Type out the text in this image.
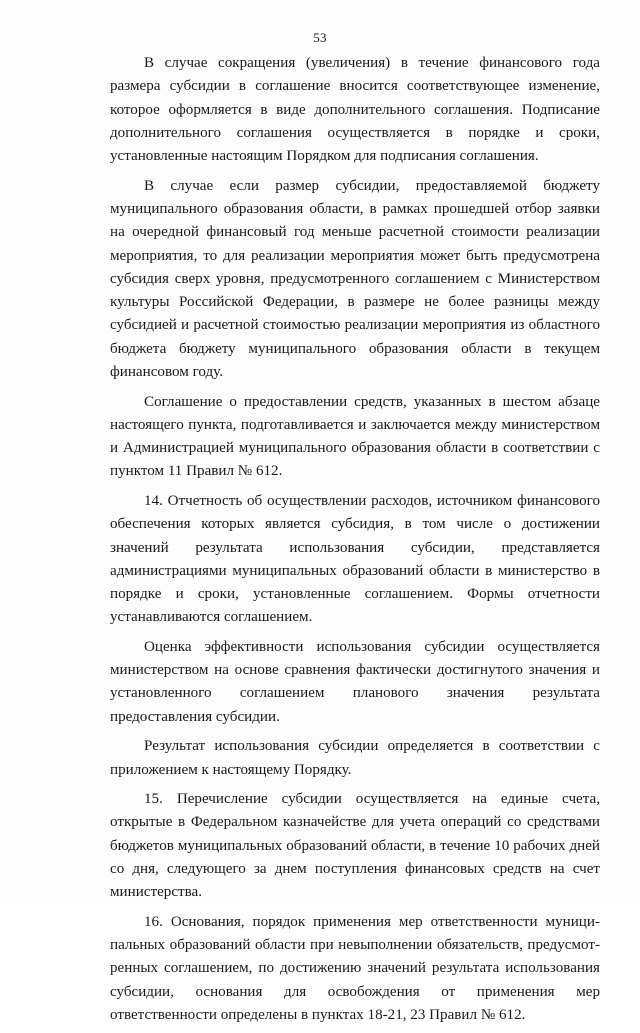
53

В случае сокращения (увеличения) в течение финансового года размера субсидии в соглашение вносится соответствующее изменение, которое оформляется в виде дополнительного соглашения. Подписание дополнительного соглашения осуществляется в порядке и сроки, установленные настоящим Порядком для подписания соглашения.

В случае если размер субсидии, предоставляемой бюджету муниципального образования области, в рамках прошедшей отбор заявки на очередной финансовый год меньше расчетной стоимости реализации мероприятия, то для реализации мероприятия может быть предусмотрена субсидия сверх уровня, предусмотренного соглашением с Министерством культуры Российской Федерации, в размере не более разницы между субсидией и расчетной стоимостью реализации мероприятия из областного бюджета бюджету муниципального образования области в текущем финансовом году.

Соглашение о предоставлении средств, указанных в шестом абзаце настоящего пункта, подготавливается и заключается между министерством и Администрацией муниципального образования области в соответствии с пунктом 11 Правил № 612.

14. Отчетность об осуществлении расходов, источником финансового обеспечения которых является субсидия, в том числе о достижении значений результата использования субсидии, представляется администрациями муниципальных образований области в министерство в порядке и сроки, установленные соглашением. Формы отчетности устанавливаются соглашением.

Оценка эффективности использования субсидии осуществляется министерством на основе сравнения фактически достигнутого значения и установленного соглашением планового значения результата предоставления субсидии.

Результат использования субсидии определяется в соответствии с приложением к настоящему Порядку.

15. Перечисление субсидии осуществляется на единые счета, открытые в Федеральном казначействе для учета операций со средствами бюджетов муниципальных образований области, в течение 10 рабочих дней со дня, следующего за днем поступления финансовых средств на счет министерства.

16. Основания, порядок применения мер ответственности муниципальных образований области при невыполнении обязательств, предусмотренных соглашением, по достижению значений результата использования субсидии, основания для освобождения от применения мер ответственности определены в пунктах 18-21, 23 Правил № 612.
